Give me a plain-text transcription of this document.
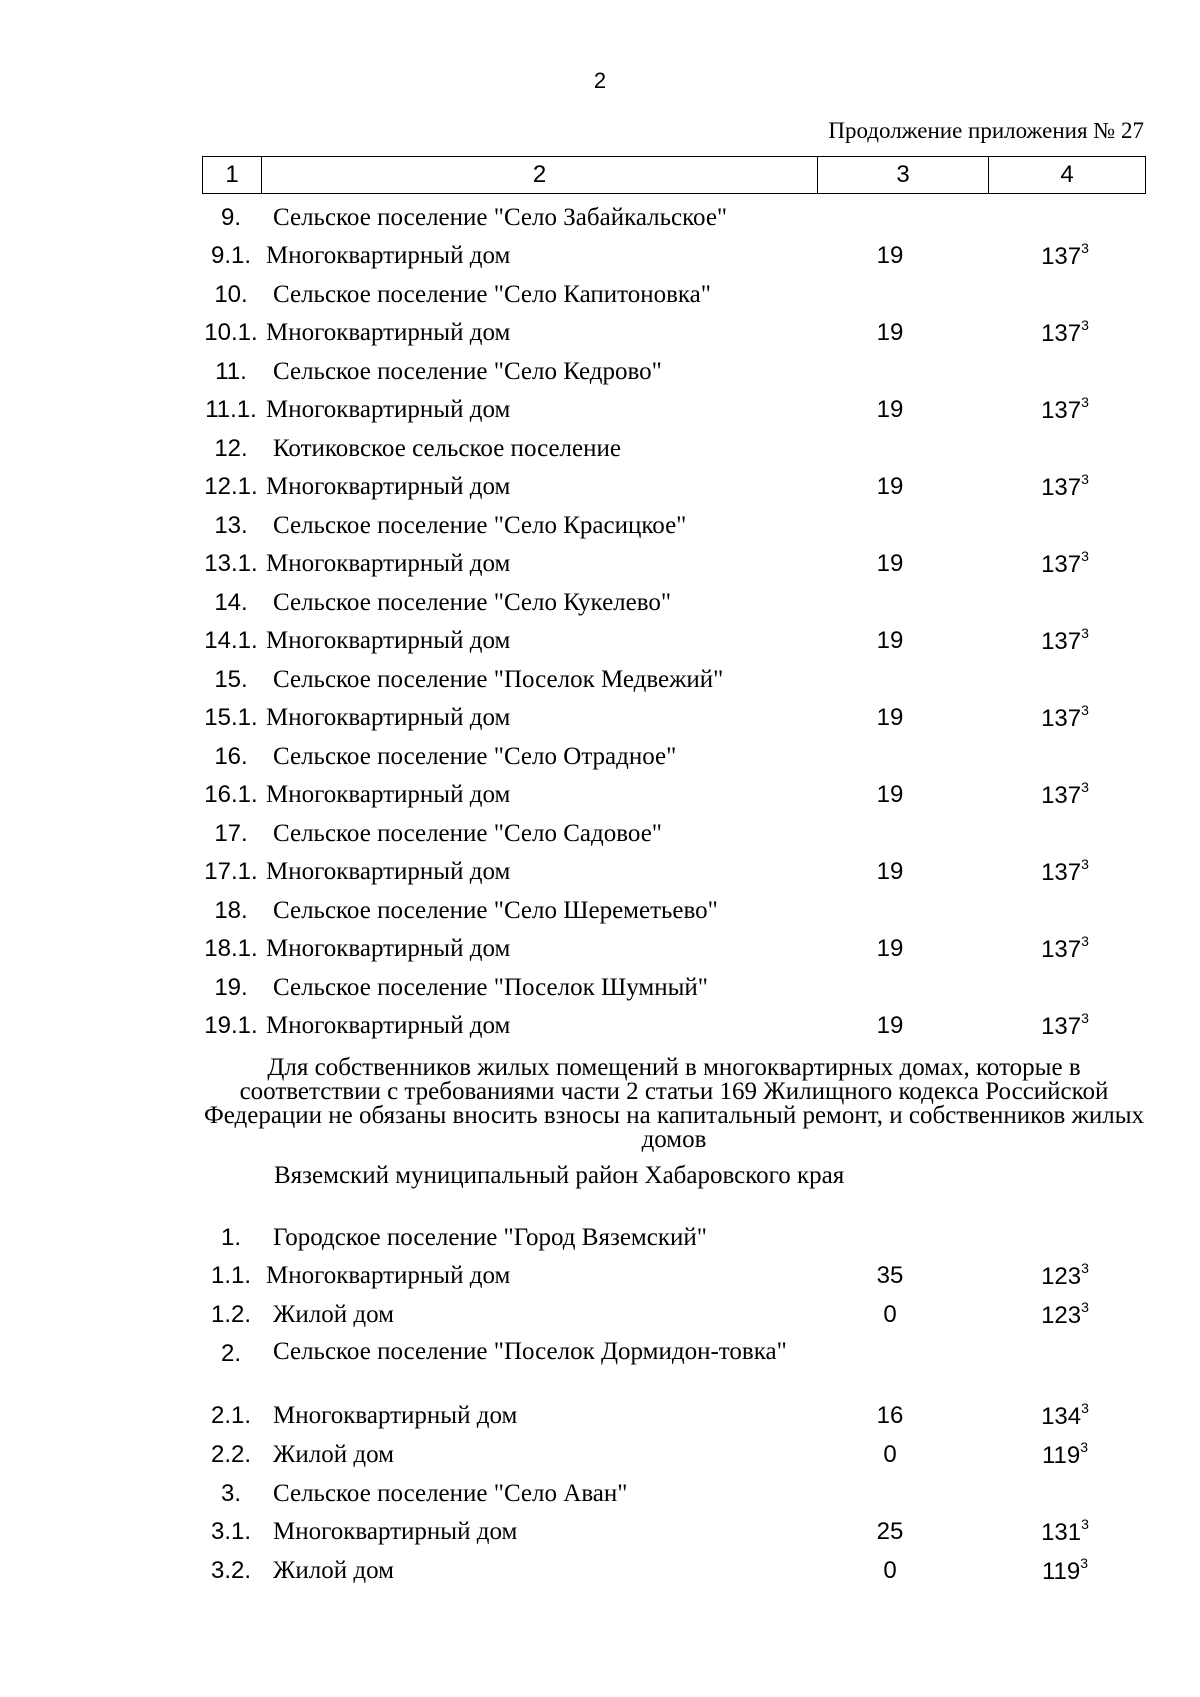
2
Продолжение приложения № 27
1	2	3	4
9.	Сельское поселение "Село Забайкальское"
9.1. Многоквартирный дом	19	$137^3$
10.	Сельское поселение "Село Капитоновка"
10.1. Многоквартирный дом	19	$137^3$
11.	Сельское поселение "Село Кедрово"
11.1. Многоквартирный дом	19	$137^3$
12.	Котиковское сельское поселение
12.1. Многоквартирный дом	19	$137^3$
13.	Сельское поселение "Село Красицкое"
13.1. Многоквартирный дом	19	$137^3$
14.	Сельское поселение "Село Кукелево"
14.1. Многоквартирный дом	19	$137^3$
15.	Сельское поселение "Поселок Медвежий"
15.1. Многоквартирный дом	19	$137^3$
16.	Сельское поселение "Село Отрадное"
16.1. Многоквартирный дом	19	$137^3$
17.	Сельское поселение "Село Садовое"
17.1. Многоквартирный дом	19	$137^3$
18.	Сельское поселение "Село Шереметьево"
18.1. Многоквартирный дом	19	$137^3$
19.	Сельское поселение "Поселок Шумный"
19.1. Многоквартирный дом	19	$137^3$
Для собственников жилых помещений в многоквартирных домах, которые в соответствии с требованиями части 2 статьи 169 Жилищного кодекса Российской Федерации не обязаны вносить взносы на капитальный ремонт, и собственников жилых домов
Вяземский муниципальный район Хабаровского края
1.	Городское поселение "Город Вяземский"
1.1. Многоквартирный дом	35	$123^3$
1.2. Жилой дом	0	$123^3$
2.	Сельское поселение "Поселок Дормидон-товка"
2.1. Многоквартирный дом	16	$134^3$
2.2. Жилой дом	0	$119^3$
3.	Сельское поселение "Село Аван"
3.1. Многоквартирный дом	25	$131^3$
3.2. Жилой дом	0	$119^3$
